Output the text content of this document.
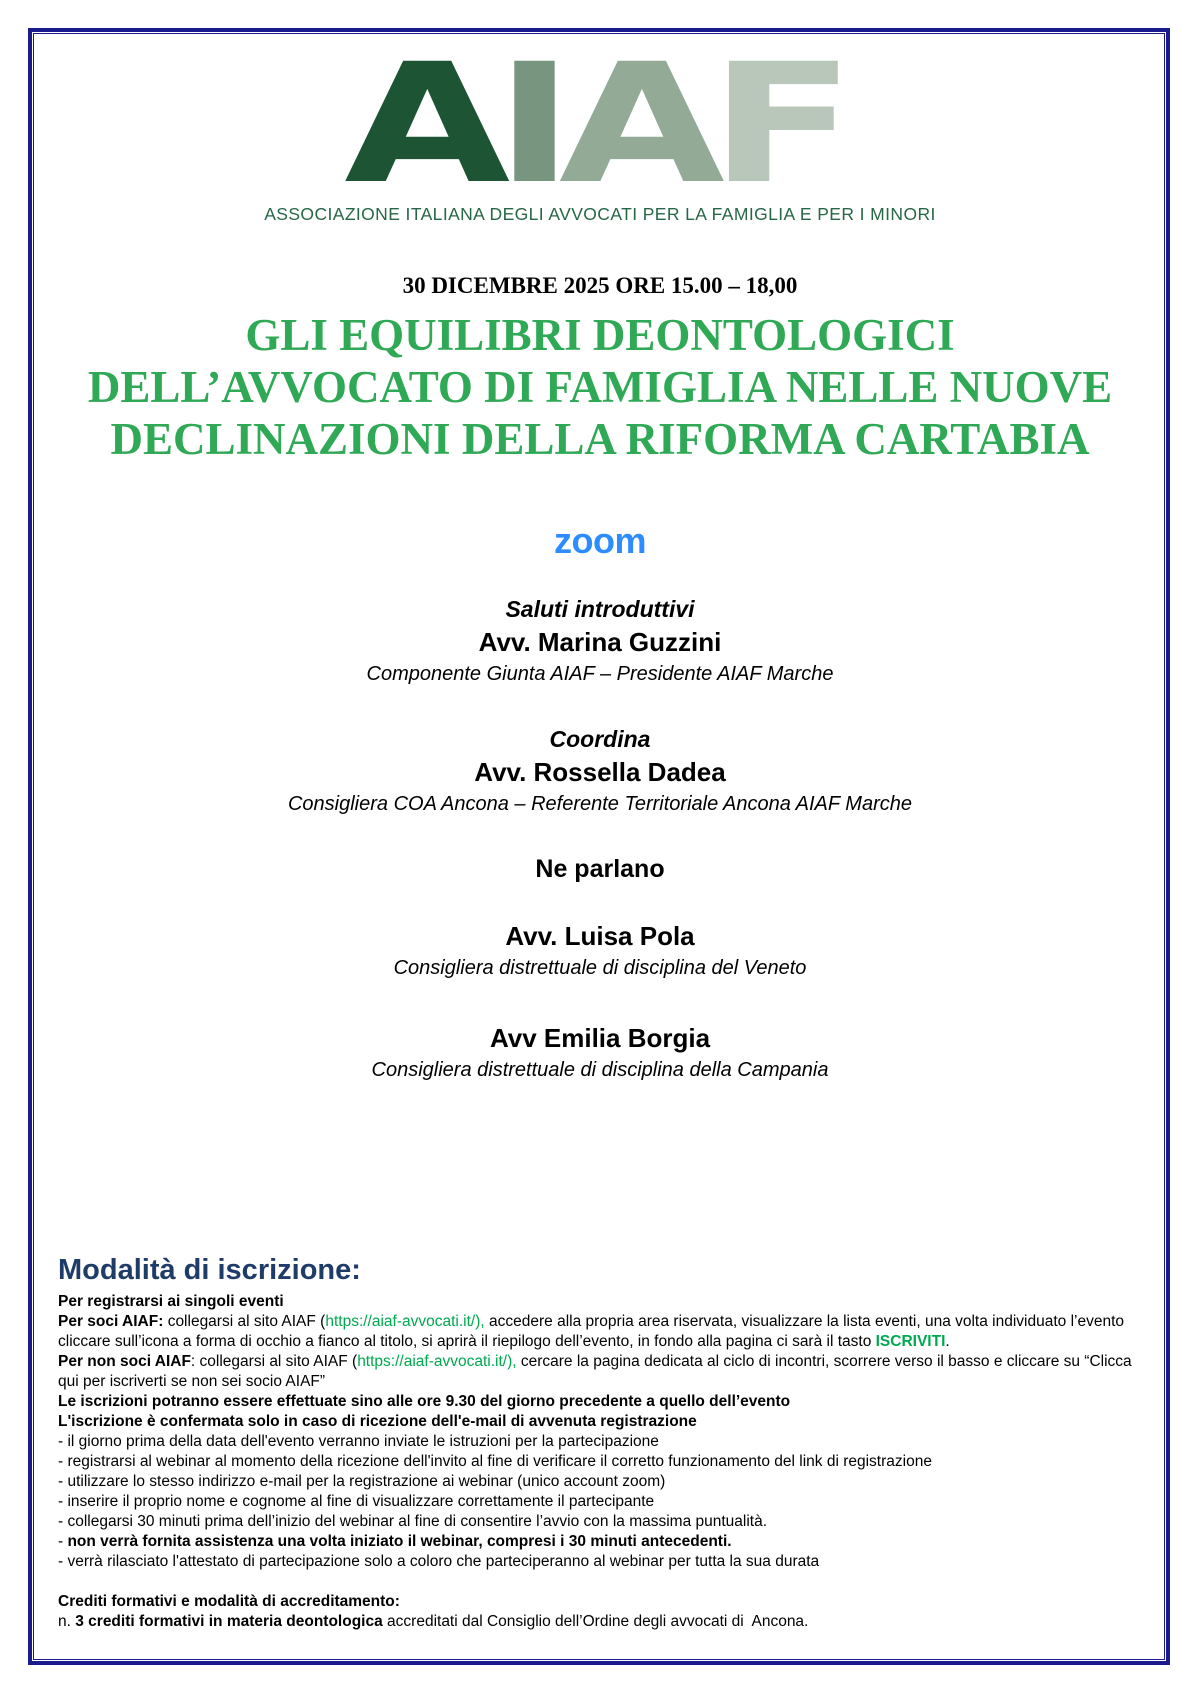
A
I
A
F
ASSOCIAZIONE ITALIANA DEGLI AVVOCATI PER LA FAMIGLIA E PER I MINORI
30 DICEMBRE 2025 ORE 15.00 – 18,00
GLI EQUILIBRI DEONTOLOGICI
DELL’AVVOCATO DI FAMIGLIA NELLE NUOVE
DECLINAZIONI DELLA RIFORMA CARTABIA
zoom
Saluti introduttivi
Avv. Marina Guzzini
Componente Giunta AIAF – Presidente AIAF Marche
Coordina
Avv. Rossella Dadea
Consigliera COA Ancona – Referente Territoriale Ancona AIAF Marche
Ne parlano
Avv. Luisa Pola
Consigliera distrettuale di disciplina del Veneto
Avv Emilia Borgia
Consigliera distrettuale di disciplina della Campania
Modalità di iscrizione:
Per registrarsi ai singoli eventi
Per soci AIAF: collegarsi al sito AIAF (https://aiaf-avvocati.it/), accedere alla propria area riservata, visualizzare la lista eventi, una volta individuato l’evento cliccare sull’icona a forma di occhio a fianco al titolo, si aprirà il riepilogo dell’evento, in fondo alla pagina ci sarà il tasto ISCRIVITI.
Per non soci AIAF: collegarsi al sito AIAF (https://aiaf-avvocati.it/), cercare la pagina dedicata al ciclo di incontri, scorrere verso il basso e cliccare su “Clicca qui per iscriverti se non sei socio AIAF”
Le iscrizioni potranno essere effettuate sino alle ore 9.30 del giorno precedente a quello dell’evento
L'iscrizione è confermata solo in caso di ricezione dell'e-mail di avvenuta registrazione
- il giorno prima della data dell'evento verranno inviate le istruzioni per la partecipazione
- registrarsi al webinar al momento della ricezione dell'invito al fine di verificare il corretto funzionamento del link di registrazione
- utilizzare lo stesso indirizzo e-mail per la registrazione ai webinar (unico account zoom)
- inserire il proprio nome e cognome al fine di visualizzare correttamente il partecipante
- collegarsi 30 minuti prima dell’inizio del webinar al fine di consentire l’avvio con la massima puntualità.
- non verrà fornita assistenza una volta iniziato il webinar, compresi i 30 minuti antecedenti.
- verrà rilasciato l'attestato di partecipazione solo a coloro che parteciperanno al webinar per tutta la sua durata

Crediti formativi e modalità di accreditamento:
n. 3 crediti formativi in materia deontologica accreditati dal Consiglio dell’Ordine degli avvocati di  Ancona.
